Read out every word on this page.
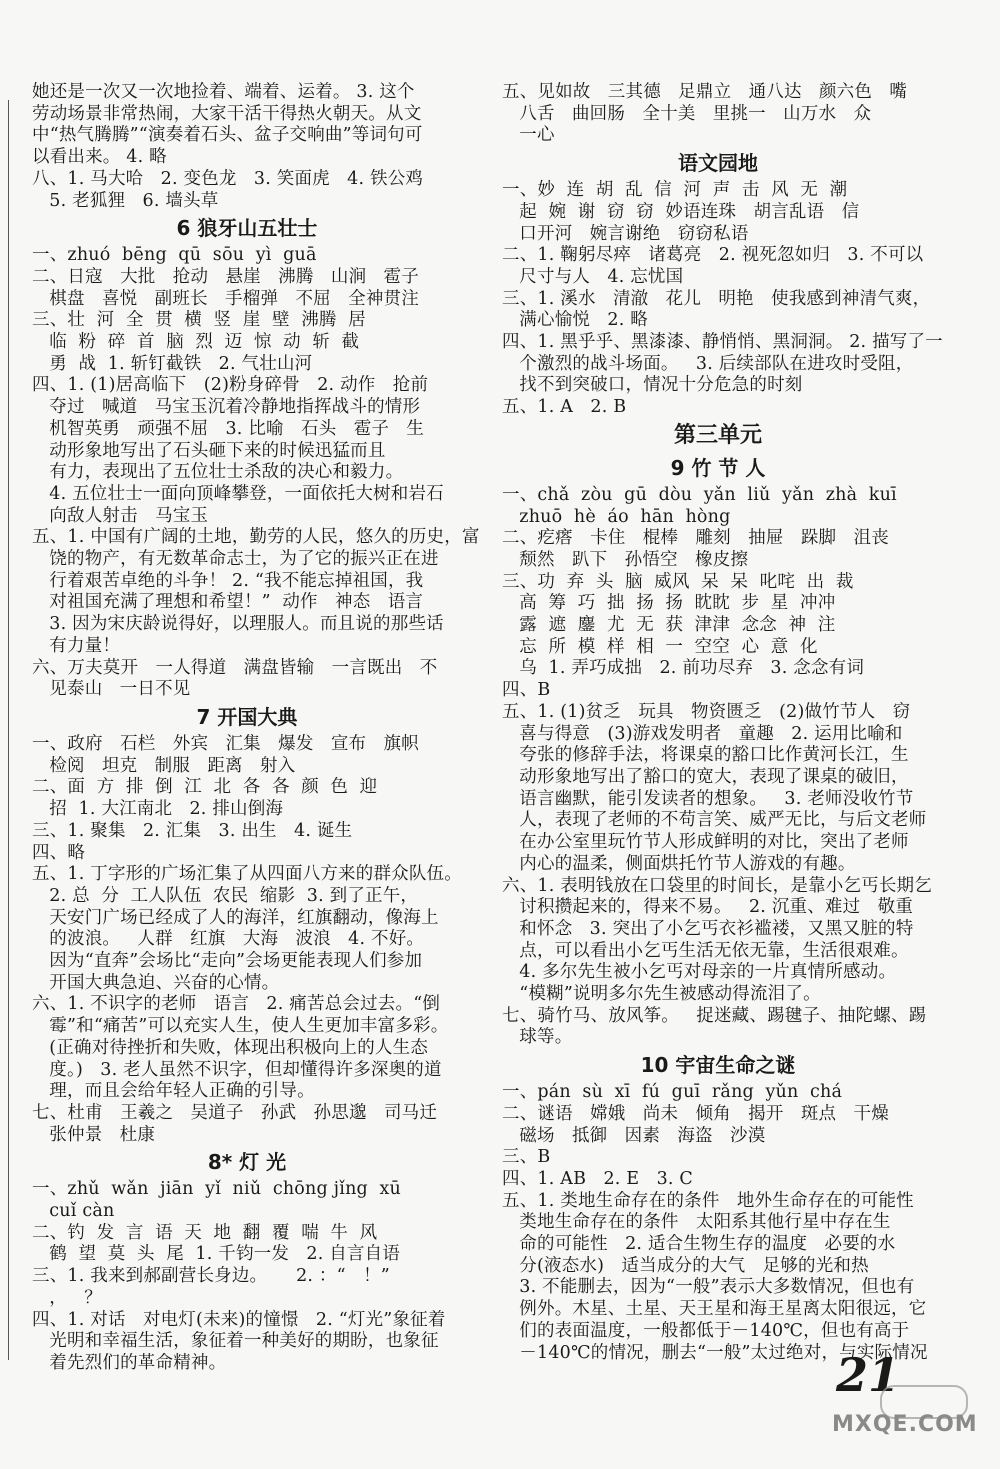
她还是一次又一次地捡着、端着、运着。 3. 这个
劳动场景非常热闹，大家干活干得热火朝天。从文
中“热气腾腾”“演奏着石头、盆子交响曲”等词句可
以看出来。 4. 略
八、1. 马大哈   2. 变色龙   3. 笑面虎   4. 铁公鸡
5. 老狐狸   6. 墙头草
6 狼牙山五壮士
一、zhuó  bēng  qū  sōu  yì  guā
二、日寇   大批   抢动   悬崖   沸腾   山涧   雹子
棋盘   喜悦   副班长   手榴弹   不屈   全神贯注
三、壮  河  全  贯  横  竖  崖  壁  沸腾  居
临  粉  碎  首  脑  烈  迈  惊  动  斩  截
勇  战  1. 斩钉截铁   2. 气壮山河
四、1. (1)居高临下   (2)粉身碎骨   2. 动作   抢前
夺过   喊道   马宝玉沉着冷静地指挥战斗的情形
机智英勇   顽强不屈   3. 比喻   石头   雹子   生
动形象地写出了石头砸下来的时候迅猛而且
有力，表现出了五位壮士杀敌的决心和毅力。
4. 五位壮士一面向顶峰攀登，一面依托大树和岩石
向敌人射击   马宝玉
五、1. 中国有广阔的土地，勤劳的人民，悠久的历史，富
饶的物产，有无数革命志士，为了它的振兴正在进
行着艰苦卓绝的斗争！ 2. “我不能忘掉祖国，我
对祖国充满了理想和希望！”  动作   神态   语言
3. 因为宋庆龄说得好，以理服人。而且说的那些话
有力量！
六、万夫莫开   一人得道   满盘皆输   一言既出   不
见泰山   一日不见
7 开国大典
一、政府   石栏   外宾   汇集   爆发   宣布   旗帜
检阅   坦克   制服   距离   射入
二、面  方  排  倒  江  北  各  各  颜  色  迎
招  1. 大江南北   2. 排山倒海
三、1. 聚集   2. 汇集   3. 出生   4. 诞生
四、略
五、1. 丁字形的广场汇集了从四面八方来的群众队伍。
2. 总  分  工人队伍  农民  缩影  3. 到了正午，
天安门广场已经成了人的海洋，红旗翻动，像海上
的波浪。   人群   红旗   大海   波浪   4. 不好。
因为“直奔”会场比“走向”会场更能表现人们参加
开国大典急迫、兴奋的心情。
六、1. 不识字的老师   语言   2. 痛苦总会过去。“倒
霉”和“痛苦”可以充实人生，使人生更加丰富多彩。
(正确对待挫折和失败，体现出积极向上的人生态
度。)   3. 老人虽然不识字，但却懂得许多深奥的道
理，而且会给年轻人正确的引导。
七、杜甫   王羲之   吴道子   孙武   孙思邈   司马迁
张仲景   杜康
8* 灯 光
一、zhǔ  wǎn  jiān  yǐ  niǔ  chōng jǐng  xū
cuǐ càn
二、钓  发  言  语  天  地  翻  覆  喘  牛  风
鹤  望  莫  头  尾  1. 千钧一发   2. 自言自语
三、1. 我来到郝副营长身边。     2. ：“   ！”
，   ？
四、1. 对话   对电灯(未来)的憧憬   2. “灯光”象征着
光明和幸福生活，象征着一种美好的期盼，也象征
着先烈们的革命精神。
五、见如故   三其德   足鼎立   通八达   颜六色   嘴
八舌   曲回肠   全十美   里挑一   山万水   众
一心
语文园地
一、妙  连  胡  乱  信  河  声  击  风  无  潮
起  婉  谢  窃  窃  妙语连珠   胡言乱语   信
口开河   婉言谢绝   窃窃私语
二、1. 鞠躬尽瘁   诸葛亮   2. 视死忽如归   3. 不可以
尺寸与人   4. 忘忧国
三、1. 溪水   清澈   花儿   明艳   使我感到神清气爽，
满心愉悦   2. 略
四、1. 黑乎乎、黑漆漆、静悄悄、黑洞洞。 2. 描写了一
个激烈的战斗场面。   3. 后续部队在进攻时受阻，
找不到突破口，情况十分危急的时刻
五、1. A   2. B
第三单元
9 竹 节 人
一、chǎ  zòu  gū  dòu  yǎn  liǔ  yǎn  zhà  kuī
zhuō  hè  áo  hān  hòng
二、疙瘩   卡住   棍棒   雕刻   抽屉   跺脚   沮丧
颓然   趴下   孙悟空   橡皮擦
三、功  弃  头  脑  威风  呆  呆  叱咤  出  裁
高  筹  巧  拙  扬  扬  眈眈  步  星  冲冲
露  遮  鏖  尤  无  获  津津  念念  神  注
忘  所  模  样  相  一  空空  心  意  化
乌  1. 弄巧成拙   2. 前功尽弃   3. 念念有词
四、B
五、1. (1)贫乏   玩具   物资匮乏   (2)做竹节人   窃
喜与得意   (3)游戏发明者   童趣   2. 运用比喻和
夸张的修辞手法，将课桌的豁口比作黄河长江，生
动形象地写出了豁口的宽大，表现了课桌的破旧，
语言幽默，能引发读者的想象。   3. 老师没收竹节
人，表现了老师的不苟言笑、威严无比，与后文老师
在办公室里玩竹节人形成鲜明的对比，突出了老师
内心的温柔，侧面烘托竹节人游戏的有趣。
六、1. 表明钱放在口袋里的时间长，是靠小乞丐长期乞
讨积攒起来的，得来不易。   2. 沉重、难过   敬重
和怀念   3. 突出了小乞丐衣衫褴褛，又黑又脏的特
点，可以看出小乞丐生活无依无靠，生活很艰难。
4. 多尔先生被小乞丐对母亲的一片真情所感动。
“模糊”说明多尔先生被感动得流泪了。
七、骑竹马、放风筝。   捉迷藏、踢毽子、抽陀螺、踢
球等。
10 宇宙生命之谜
一、pán  sù  xī  fú  guī  rǎng  yǔn  chá
二、谜语   嫦娥   尚未   倾角   揭开   斑点   干燥
磁场   抵御   因素   海盗   沙漠
三、B
四、1. AB   2. E   3. C
五、1. 类地生命存在的条件   地外生命存在的可能性
类地生命存在的条件   太阳系其他行星中存在生
命的可能性   2. 适合生物生存的温度   必要的水
分(液态水)   适当成分的大气   足够的光和热
3. 不能删去，因为“一般”表示大多数情况，但也有
例外。木星、土星、天王星和海王星离太阳很远，它
们的表面温度，一般都低于－140℃，但也有高于
－140℃的情况，删去“一般”太过绝对，与实际情况
21
MXQE.COM
